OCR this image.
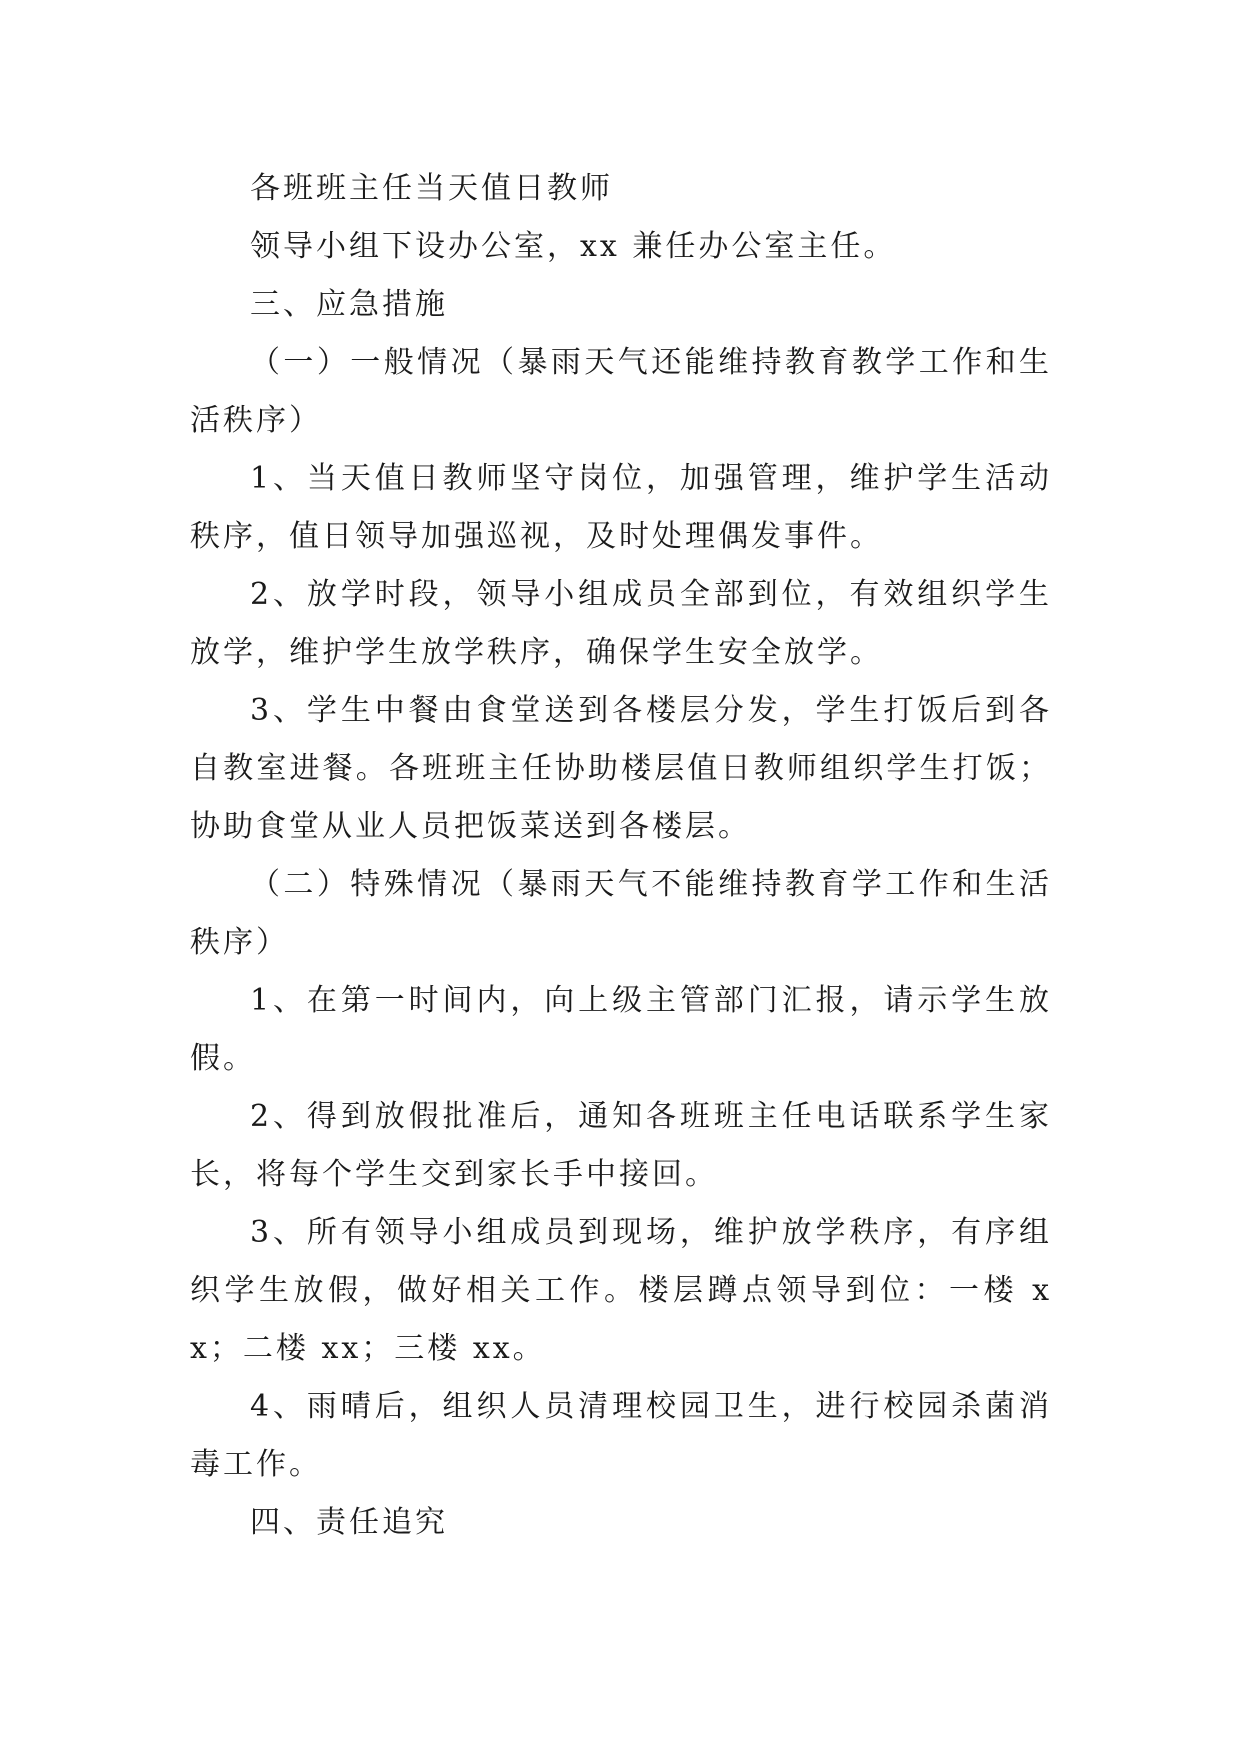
各班班主任当天值日教师

领导小组下设办公室，xx 兼任办公室主任。

三、应急措施

（一）一般情况（暴雨天气还能维持教育教学工作和生活秩序）

1、当天值日教师坚守岗位，加强管理，维护学生活动秩序，值日领导加强巡视，及时处理偶发事件。

2、放学时段，领导小组成员全部到位，有效组织学生放学，维护学生放学秩序，确保学生安全放学。

3、学生中餐由食堂送到各楼层分发，学生打饭后到各自教室进餐。各班班主任协助楼层值日教师组织学生打饭；协助食堂从业人员把饭菜送到各楼层。

（二）特殊情况（暴雨天气不能维持教育学工作和生活秩序）

1、在第一时间内，向上级主管部门汇报，请示学生放假。

2、得到放假批准后，通知各班班主任电话联系学生家长，将每个学生交到家长手中接回。

3、所有领导小组成员到现场，维护放学秩序，有序组织学生放假，做好相关工作。楼层蹲点领导到位：一楼 xx；二楼 xx；三楼 xx。

4、雨晴后，组织人员清理校园卫生，进行校园杀菌消毒工作。

四、责任追究
